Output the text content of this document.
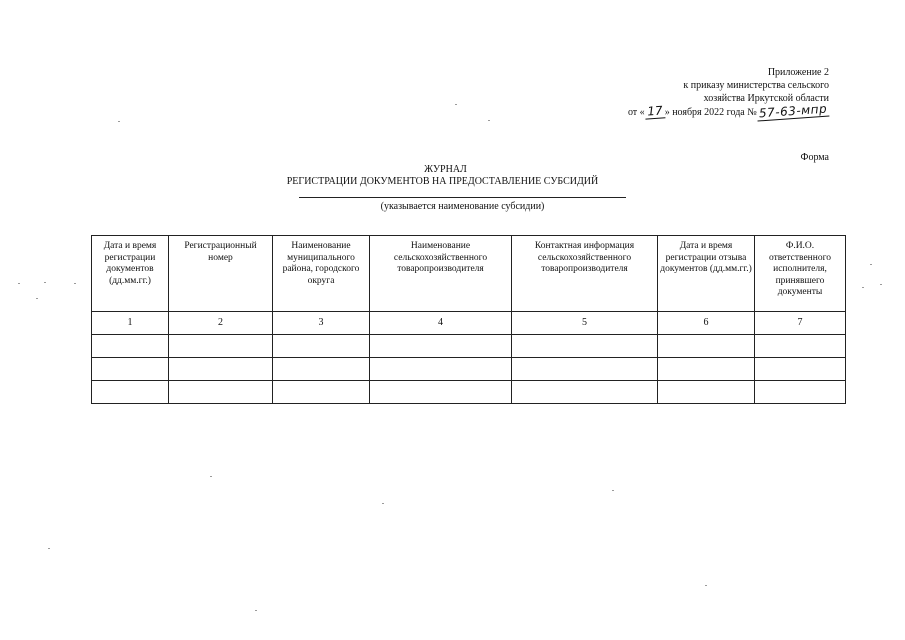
Приложение 2
к приказу министерства сельского
хозяйства Иркутской области
от « 17 » ноября 2022 года № 57-63-мпр
Форма
ЖУРНАЛ
РЕГИСТРАЦИИ ДОКУМЕНТОВ НА ПРЕДОСТАВЛЕНИЕ СУБСИДИЙ
(указывается наименование субсидии)
Дата и время регистрации документов (дд.мм.гг.)	Регистрационный номер	Наименование муниципального района, городского округа	Наименование сельскохозяйственного товаропроизводителя	Контактная информация сельскохозяйственного товаропроизводителя	Дата и время регистрации отзыва документов (дд.мм.гг.)	Ф.И.О. ответственного исполнителя, принявшего документы
1	2	3	4	5	6	7
